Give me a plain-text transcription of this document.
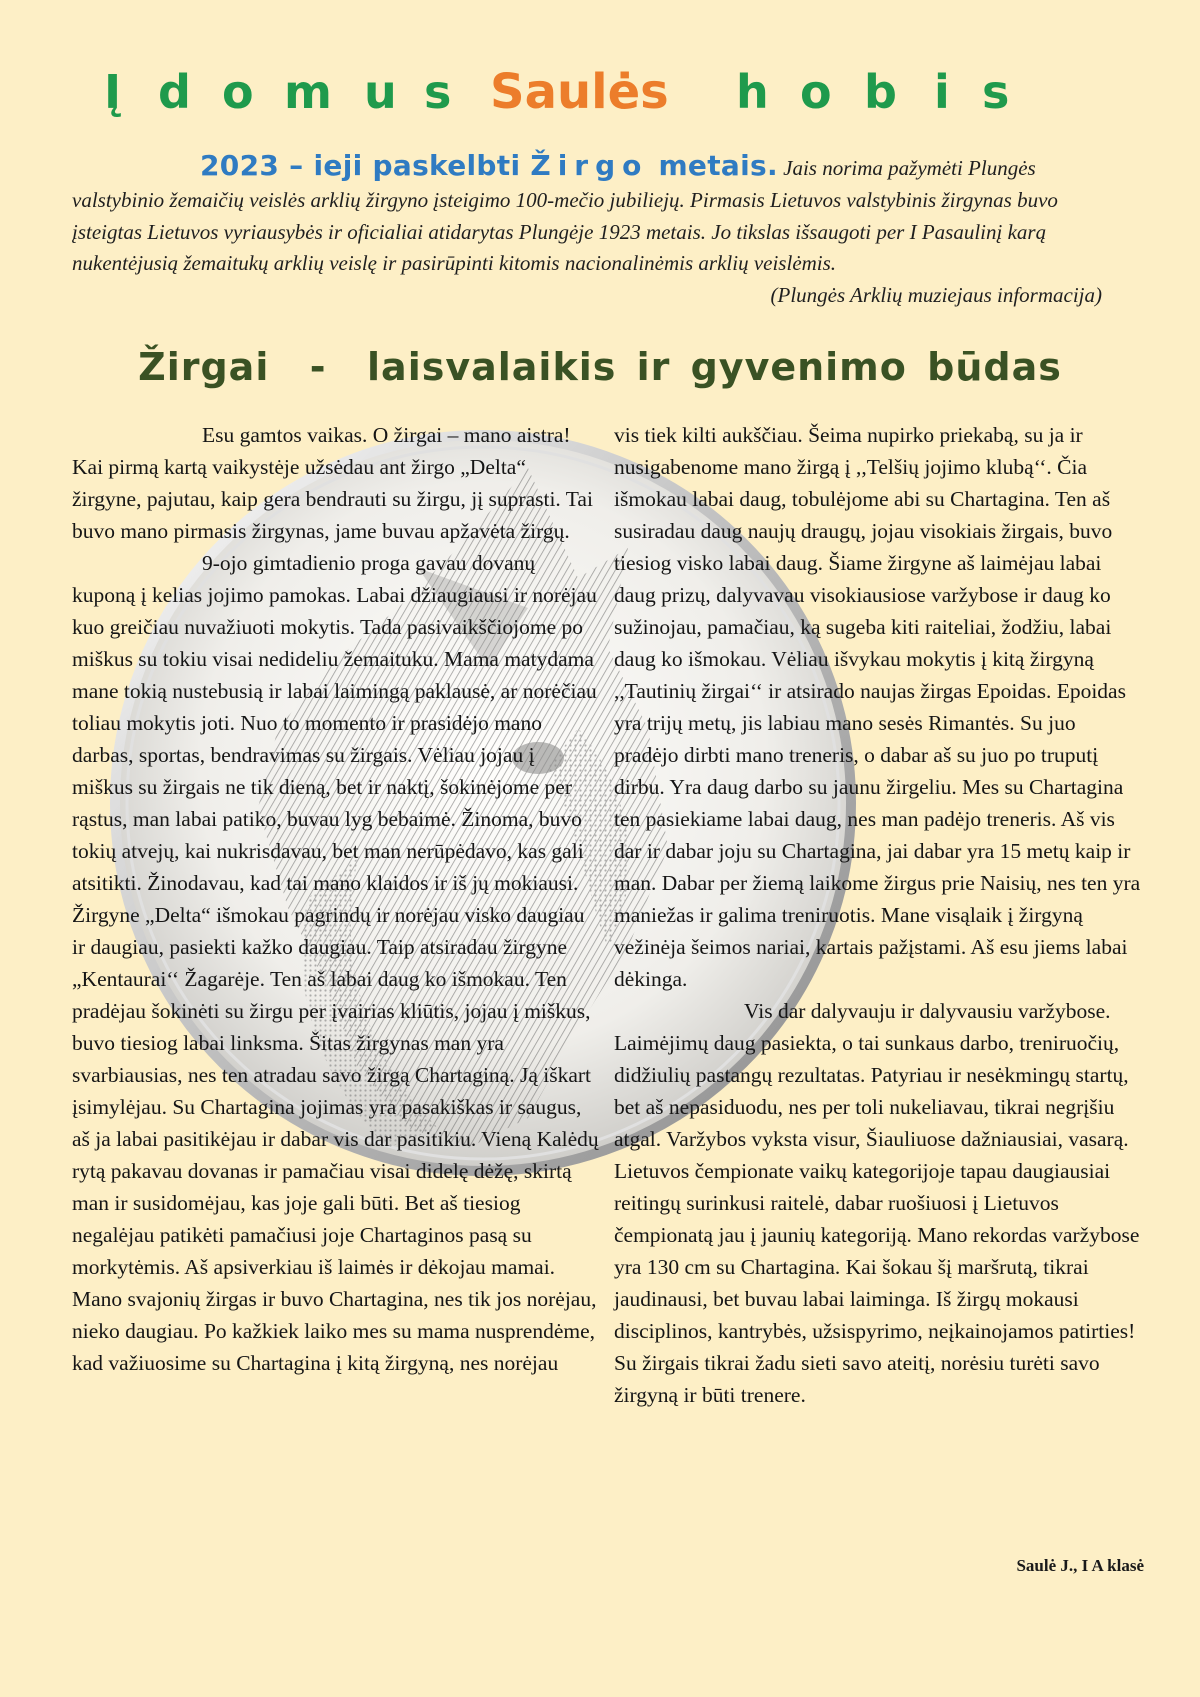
Į d o m u s Saulės h o b i s
2023 – ieji paskelbti Žirgo metais. Jais norima pažymėti Plungės valstybinio žemaičių veislės arklių žirgyno įsteigimo 100-mečio jubiliejų. Pirmasis Lietuvos valstybinis žirgynas buvo įsteigtas Lietuvos vyriausybės ir oficialiai atidarytas Plungėje 1923 metais. Jo tikslas išsaugoti per I Pasaulinį karą nukentėjusią žemaitukų arklių veislę ir pasirūpinti kitomis nacionalinėmis arklių veislėmis.
(Plungės Arklių muziejaus informacija)
Žirgai  -  laisvalaikis ir gyvenimo būdas

Esu gamtos vaikas. O žirgai – mano aistra! Kai pirmą kartą vaikystėje užsėdau ant žirgo „Delta“ žirgyne, pajutau, kaip gera bendrauti su žirgu, jį suprasti. Tai buvo mano pirmasis žirgynas, jame buvau apžavėta žirgų.

9-ojo gimtadienio proga gavau dovanų kuponą į kelias jojimo pamokas. Labai džiaugiausi ir norėjau kuo greičiau nuvažiuoti mokytis. Tada pasivaikščiojome po miškus su tokiu visai nedideliu žemaituku. Mama matydama mane tokią nustebusią ir labai laimingą paklausė, ar norėčiau toliau mokytis joti. Nuo to momento ir prasidėjo mano darbas, sportas, bendravimas su žirgais. Vėliau jojau į miškus su žirgais ne tik dieną, bet ir naktį, šokinėjome per rąstus, man labai patiko, buvau lyg bebaimė. Žinoma, buvo tokių atvejų, kai nukrisdavau, bet man nerūpėdavo, kas gali atsitikti. Žinodavau, kad tai mano klaidos ir iš jų mokiausi. Žirgyne „Delta“ išmokau pagrindų ir norėjau visko daugiau ir daugiau, pasiekti kažko daugiau. Taip atsiradau žirgyne „Kentaurai‘‘ Žagarėje. Ten aš labai daug ko išmokau. Ten pradėjau šokinėti su žirgu per įvairias kliūtis, jojau į miškus, buvo tiesiog labai linksma. Šitas žirgynas man yra svarbiausias, nes ten atradau savo žirgą Chartaginą. Ją iškart įsimylėjau. Su Chartagina jojimas yra pasakiškas ir saugus, aš ja labai pasitikėjau ir dabar vis dar pasitikiu. Vieną Kalėdų rytą pakavau dovanas ir pamačiau visai didelę dėžę, skirtą man ir susidomėjau, kas joje gali būti. Bet aš tiesiog negalėjau patikėti pamačiusi joje Chartaginos pasą su morkytėmis. Aš apsiverkiau iš laimės ir dėkojau mamai. Mano svajonių žirgas ir buvo Chartagina, nes tik jos norėjau, nieko daugiau. Po kažkiek laiko mes su mama nusprendėme, kad važiuosime su Chartagina į kitą žirgyną, nes norėjau

vis tiek kilti aukščiau. Šeima nupirko priekabą, su ja ir nusigabenome mano žirgą į ,,Telšių jojimo klubą‘‘. Čia išmokau labai daug, tobulėjome abi su Chartagina. Ten aš susiradau daug naujų draugų, jojau visokiais žirgais, buvo tiesiog visko labai daug. Šiame žirgyne aš laimėjau labai daug prizų, dalyvavau visokiausiose varžybose ir daug ko sužinojau, pamačiau, ką sugeba kiti raiteliai, žodžiu, labai daug ko išmokau. Vėliau išvykau mokytis į kitą žirgyną ,,Tautinių žirgai‘‘ ir atsirado naujas žirgas Epoidas. Epoidas yra trijų metų, jis labiau mano sesės Rimantės. Su juo pradėjo dirbti mano treneris, o dabar aš su juo po truputį dirbu. Yra daug darbo su jaunu žirgeliu. Mes su Chartagina ten pasiekiame labai daug, nes man padėjo treneris. Aš vis dar ir dabar joju su Chartagina, jai dabar yra 15 metų kaip ir man. Dabar per žiemą laikome žirgus prie Naisių, nes ten yra maniežas ir galima treniruotis. Mane visąlaik į žirgyną vežinėja šeimos nariai, kartais pažįstami. Aš esu jiems labai dėkinga.

Vis dar dalyvauju ir dalyvausiu varžybose. Laimėjimų daug pasiekta, o tai sunkaus darbo, treniruočių, didžiulių pastangų rezultatas. Patyriau ir nesėkmingų startų, bet aš nepasiduodu, nes per toli nukeliavau, tikrai negrįšiu atgal. Varžybos vyksta visur, Šiauliuose dažniausiai, vasarą. Lietuvos čempionate vaikų kategorijoje tapau daugiausiai reitingų surinkusi raitelė, dabar ruošiuosi į Lietuvos čempionatą jau į jaunių kategoriją. Mano rekordas varžybose yra 130 cm su Chartagina. Kai šokau šį maršrutą, tikrai jaudinausi, bet buvau labai laiminga. Iš žirgų mokausi disciplinos, kantrybės, užsispyrimo, neįkainojamos patirties!

Su žirgais tikrai žadu sieti savo ateitį, norėsiu turėti savo žirgyną ir būti trenere.

Saulė J., I A klasė
